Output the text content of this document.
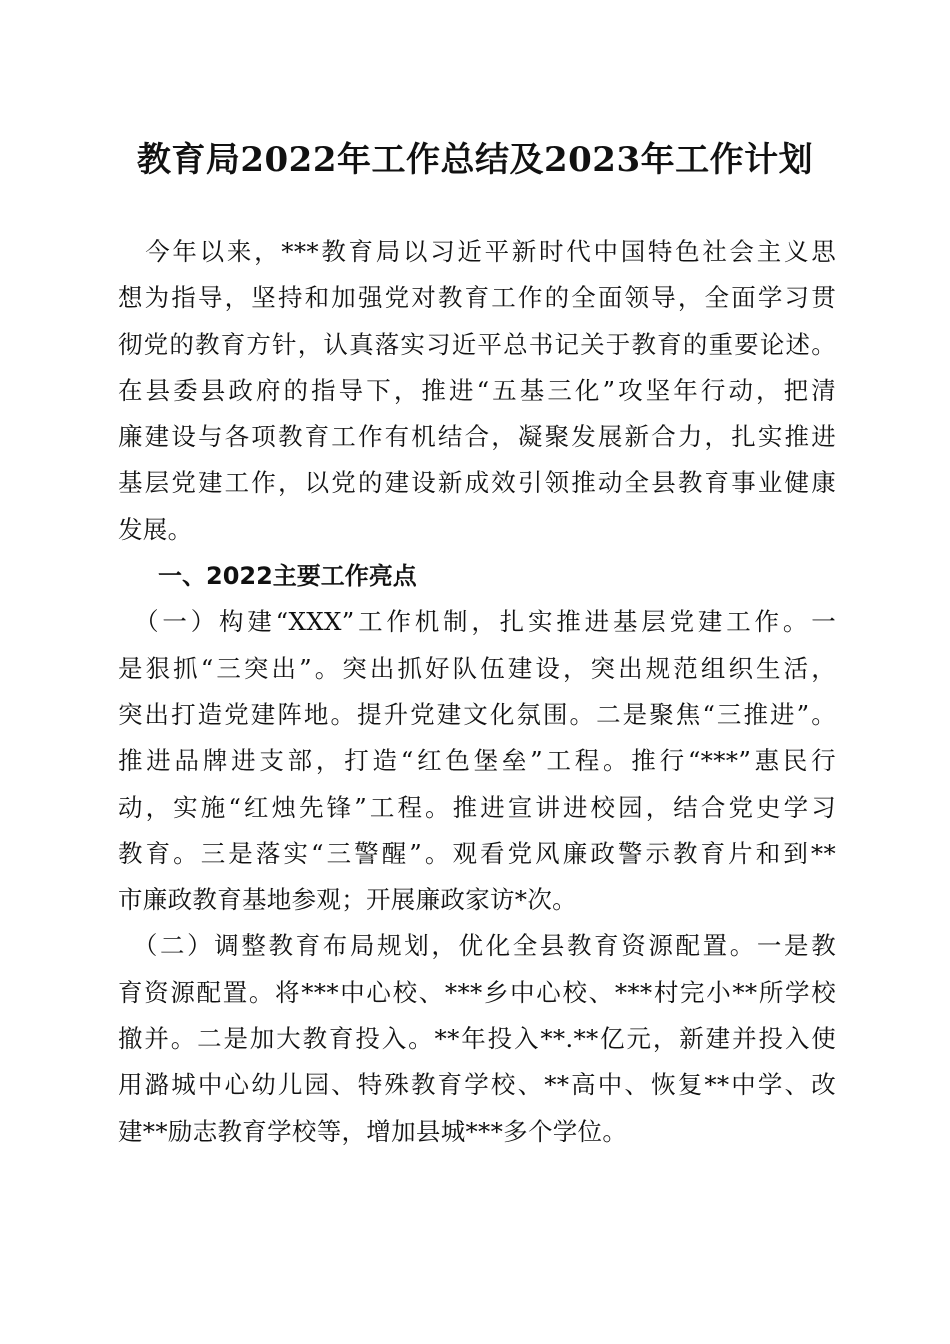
教育局2022年工作总结及2023年工作计划
　今年以来，***教育局以习近平新时代中国特色社会主义思
想为指导，坚持和加强党对教育工作的全面领导，全面学习贯
彻党的教育方针，认真落实习近平总书记关于教育的重要论述。
在县委县政府的指导下，推进“五基三化”攻坚年行动，把清
廉建设与各项教育工作有机结合，凝聚发展新合力，扎实推进
基层党建工作，以党的建设新成效引领推动全县教育事业健康
发展。
一、2022主要工作亮点
　（一）构建“XXX”工作机制，扎实推进基层党建工作。一
是狠抓“三突出”。突出抓好队伍建设，突出规范组织生活，
突出打造党建阵地。提升党建文化氛围。二是聚焦“三推进”。
推进品牌进支部，打造“红色堡垒”工程。推行“***”惠民行
动，实施“红烛先锋”工程。推进宣讲进校园，结合党史学习
教育。三是落实“三警醒”。观看党风廉政警示教育片和到**
市廉政教育基地参观；开展廉政家访*次。
　（二）调整教育布局规划，优化全县教育资源配置。一是教
育资源配置。将***中心校、***乡中心校、***村完小**所学校
撤并。二是加大教育投入。**年投入**.**亿元，新建并投入使
用潞城中心幼儿园、特殊教育学校、**高中、恢复**中学、改
建**励志教育学校等，增加县城***多个学位。
